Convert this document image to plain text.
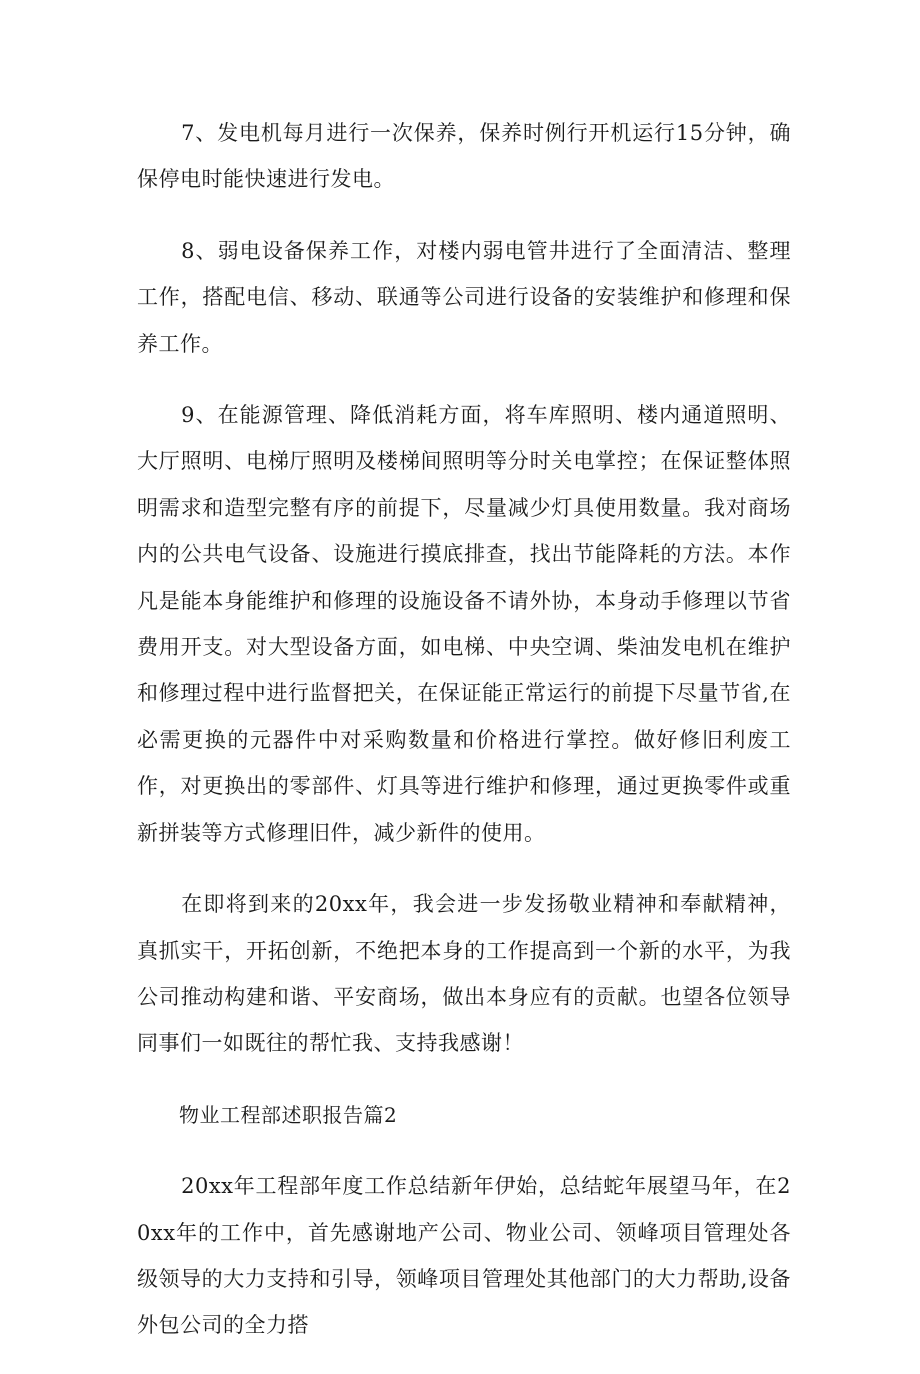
7、发电机每月进行一次保养，保养时例行开机运行15分钟，确保停电时能快速进行发电。

8、弱电设备保养工作，对楼内弱电管井进行了全面清洁、整理工作，搭配电信、移动、联通等公司进行设备的安装维护和修理和保养工作。

9、在能源管理、降低消耗方面，将车库照明、楼内通道照明、大厅照明、电梯厅照明及楼梯间照明等分时关电掌控；在保证整体照明需求和造型完整有序的前提下，尽量减少灯具使用数量。我对商场内的公共电气设备、设施进行摸底排查，找出节能降耗的方法。本作凡是能本身能维护和修理的设施设备不请外协，本身动手修理以节省费用开支。对大型设备方面，如电梯、中央空调、柴油发电机在维护和修理过程中进行监督把关，在保证能正常运行的前提下尽量节省,在必需更换的元器件中对采购数量和价格进行掌控。做好修旧利废工作，对更换出的零部件、灯具等进行维护和修理，通过更换零件或重新拼装等方式修理旧件，减少新件的使用。

在即将到来的20xx年，我会进一步发扬敬业精神和奉献精神，真抓实干，开拓创新，不绝把本身的工作提高到一个新的水平，为我公司推动构建和谐、平安商场，做出本身应有的贡献。也望各位领导同事们一如既往的帮忙我、支持我感谢！

物业工程部述职报告篇2

20xx年工程部年度工作总结新年伊始，总结蛇年展望马年，在20xx年的工作中，首先感谢地产公司、物业公司、领峰项目管理处各级领导的大力支持和引导，领峰项目管理处其他部门的大力帮助,设备外包公司的全力搭
